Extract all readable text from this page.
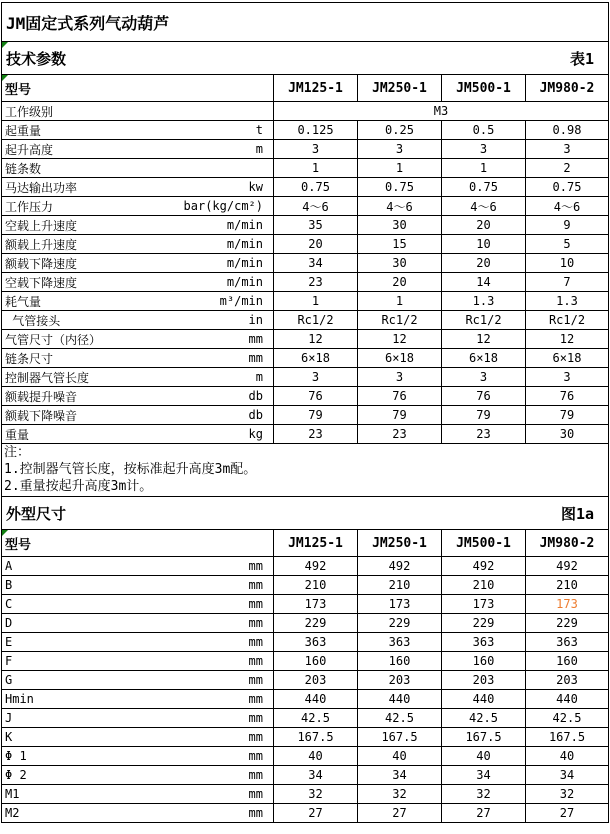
JM固定式系列气动葫芦				

技术参数 表1				

型号	JM125-1	JM250-1	JM500-1	JM980-2

工作级别	M3			

起重量 t	0.125	0.25	0.5	0.98

起升高度 m	3	3	3	3

链条数	1	1	1	2

马达输出功率 kw	0.75	0.75	0.75	0.75

工作压力 bar(kg/cm²)	4～6	4～6	4～6	4～6

空载上升速度 m/min	35	30	20	9

额载上升速度 m/min	20	15	10	5

额载下降速度 m/min	34	30	20	10

空载下降速度 m/min	23	20	14	7

耗气量 m³/min	1	1	1.3	1.3

气管接头 in	Rc1/2	Rc1/2	Rc1/2	Rc1/2

气管尺寸（内径） mm	12	12	12	12

链条尺寸 mm	6×18	6×18	6×18	6×18

控制器气管长度 m	3	3	3	3

额载提升噪音 db	76	76	76	76

额载下降噪音 db	79	79	79	79

重量 kg	23	23	23	30

注：
1.控制器气管长度，按标准起升高度3m配。
2.重量按起升高度3m计。				

外型尺寸 图1a				

型号	JM125-1	JM250-1	JM500-1	JM980-2

A mm	492	492	492	492

B mm	210	210	210	210

C mm	173	173	173	173

D mm	229	229	229	229

E mm	363	363	363	363

F mm	160	160	160	160

G mm	203	203	203	203

Hmin mm	440	440	440	440

J mm	42.5	42.5	42.5	42.5

K mm	167.5	167.5	167.5	167.5

Φ 1 mm	40	40	40	40

Φ 2 mm	34	34	34	34

M1 mm	32	32	32	32

M2 mm	27	27	27	27
